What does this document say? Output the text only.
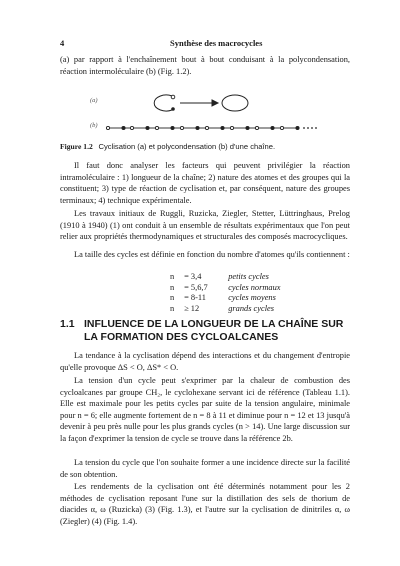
4	Synthèse des macrocycles

(a) par rapport à l'enchaînement bout à bout conduisant à la polycondensation, réaction intermoléculaire (b) (Fig. 1.2).

(a)
(b)

Figure 1.2 Cyclisation (a) et polycondensation (b) d'une chaîne.

Il faut donc analyser les facteurs qui peuvent privilégier la réaction intramoléculaire : 1) longueur de la chaîne; 2) nature des atomes et des groupes qui la constituent; 3) type de réaction de cyclisation et, par conséquent, nature des groupes terminaux; 4) technique expérimentale.

Les travaux initiaux de Ruggli, Ruzicka, Ziegler, Stetter, Lüttringhaus, Prelog (1910 à 1940) (1) ont conduit à un ensemble de résultats expérimentaux que l'on peut relier aux propriétés thermodynamiques et structurales des composés macrocycliques.

La taille des cycles est définie en fonction du nombre d'atomes qu'ils contiennent :

n = 3,4	petits cycles
n = 5,6,7 cycles normaux
n = 8-11	cycles moyens
n ≥ 12	grands cycles
1.1 INFLUENCE DE LA LONGUEUR DE LA CHAÎNE SUR LA FORMATION DES CYCLOALCANES

La tendance à la cyclisation dépend des interactions et du changement d'entropie qu'elle provoque ΔS < O, ΔS* < O.

La tension d'un cycle peut s'exprimer par la chaleur de combustion des cycloalcanes par groupe CH₂, le cyclohexane servant ici de référence (Tableau 1.1). Elle est maximale pour les petits cycles par suite de la tension angulaire, minimale pour n = 6; elle augmente fortement de n = 8 à 11 et diminue pour n = 12 et 13 jusqu'à devenir à peu près nulle pour les plus grands cycles (n > 14). Une large discussion sur la façon d'exprimer la tension de cycle se trouve dans la référence 2b.

La tension du cycle que l'on souhaite former a une incidence directe sur la facilité de son obtention.

Les rendements de la cyclisation ont été déterminés notamment pour les 2 méthodes de cyclisation reposant l'une sur la distillation des sels de thorium de diacides α, ω (Ruzicka) (3) (Fig. 1.3), et l'autre sur la cyclisation de dinitriles α, ω (Ziegler) (4) (Fig. 1.4).
